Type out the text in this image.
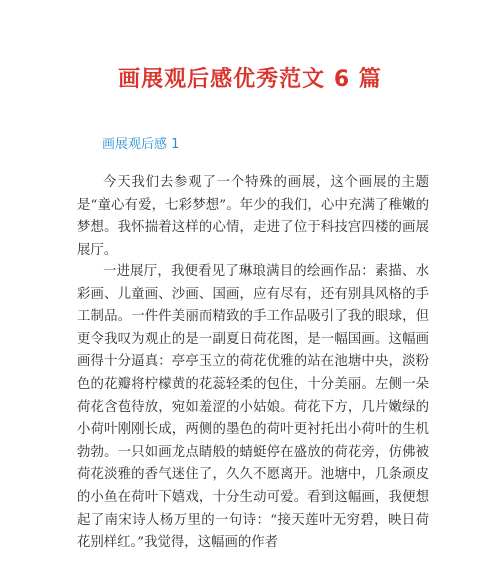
画展观后感优秀范文 6 篇
画展观后感 1

今天我们去参观了一个特殊的画展，这个画展的主题是“童心有爱，七彩梦想”。年少的我们，心中充满了稚嫩的梦想。我怀揣着这样的心情，走进了位于科技宫四楼的画展展厅。

一进展厅，我便看见了琳琅满目的绘画作品：素描、水彩画、儿童画、沙画、国画，应有尽有，还有别具风格的手工制品。一件件美丽而精致的手工作品吸引了我的眼球，但更令我叹为观止的是一副夏日荷花图，是一幅国画。这幅画画得十分逼真：亭亭玉立的荷花优雅的站在池塘中央，淡粉色的花瓣将柠檬黄的花蕊轻柔的包住，十分美丽。左侧一朵荷花含苞待放，宛如羞涩的小姑娘。荷花下方，几片嫩绿的小荷叶刚刚长成，两侧的墨色的荷叶更衬托出小荷叶的生机勃勃。一只如画龙点睛般的蜻蜓停在盛放的荷花旁，仿佛被荷花淡雅的香气迷住了，久久不愿离开。池塘中，几条顽皮的小鱼在荷叶下嬉戏，十分生动可爱。看到这幅画，我便想起了南宋诗人杨万里的一句诗：“接天莲叶无穷碧，映日荷花别样红。”我觉得，这幅画的作者
